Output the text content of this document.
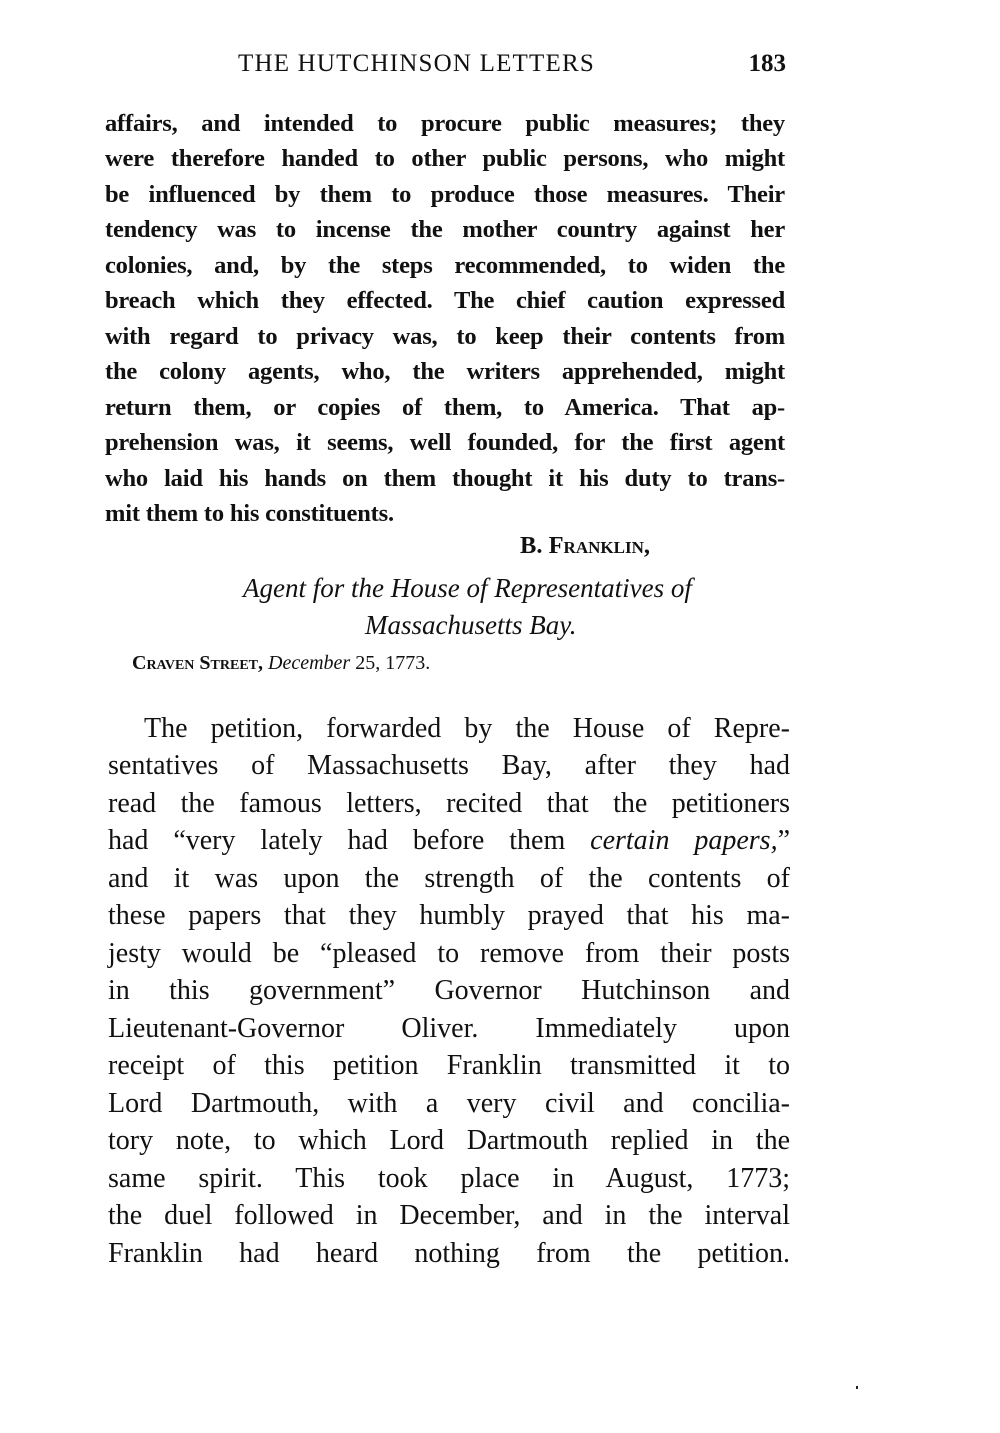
THE HUTCHINSON LETTERS	183
affairs, and intended to procure public measures; they
were therefore handed to other public persons, who might
be influenced by them to produce those measures. Their
tendency was to incense the mother country against her
colonies, and, by the steps recommended, to widen the
breach which they effected. The chief caution expressed
with regard to privacy was, to keep their contents from
the colony agents, who, the writers apprehended, might
return them, or copies of them, to America. That ap-
prehension was, it seems, well founded, for the first agent
who laid his hands on them thought it his duty to trans-
mit them to his constituents.
B. Franklin,
Agent for the House of Representatives of
Massachusetts Bay.
Craven Street, December 25, 1773.
The petition, forwarded by the House of Repre-
sentatives of Massachusetts Bay, after they had
read the famous letters, recited that the petitioners
had “very lately had before them certain papers,”
and it was upon the strength of the contents of
these papers that they humbly prayed that his ma-
jesty would be “pleased to remove from their posts
in this government” Governor Hutchinson and
Lieutenant-Governor Oliver. Immediately upon
receipt of this petition Franklin transmitted it to
Lord Dartmouth, with a very civil and concilia-
tory note, to which Lord Dartmouth replied in the
same spirit. This took place in August, 1773;
the duel followed in December, and in the interval
Franklin had heard nothing from the petition.
